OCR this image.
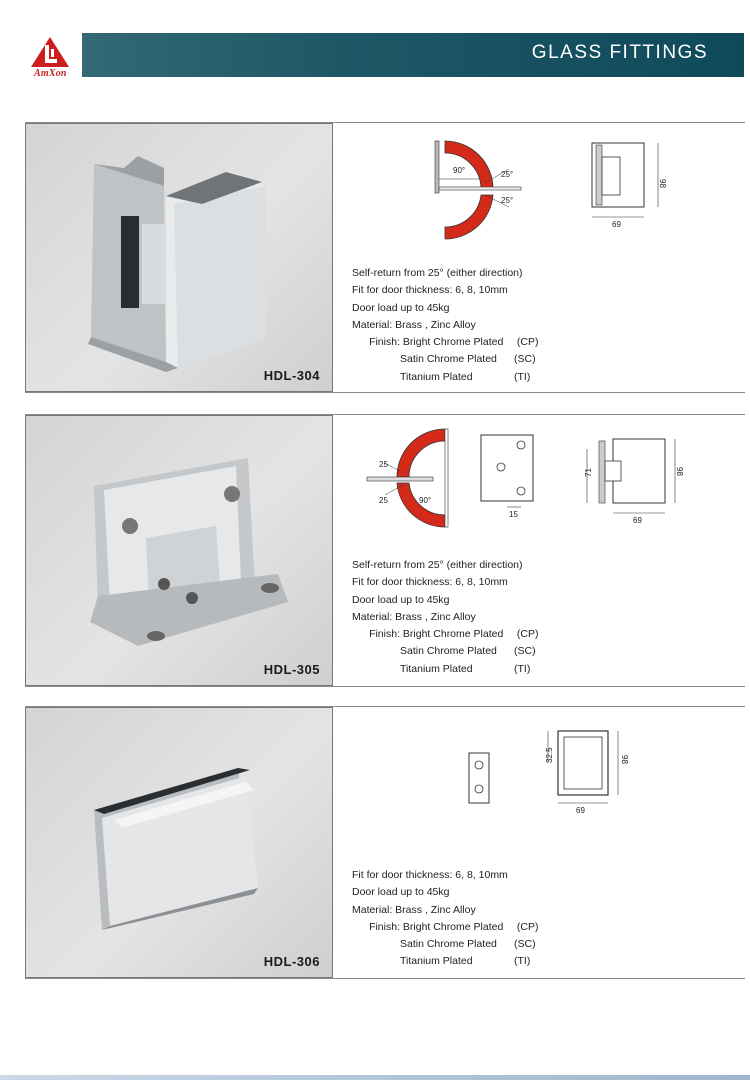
AmXon
GLASS FITTINGS
HDL-304
90°	25°
25°
98
69
Self-return from 25° (either direction)
Fit for door thickness: 6, 8, 10mm
Door load up to 45kg
Material: Brass , Zinc Alloy
Finish: Bright Chrome Plated (CP)
Satin Chrome Plated (SC)
Titanium Plated	(TI)
HDL-305
25
25	90°
15
71	98
69
Self-return from 25° (either direction)
Fit for door thickness: 6, 8, 10mm
Door load up to 45kg
Material: Brass , Zinc Alloy
Finish: Bright Chrome Plated (CP)
Satin Chrome Plated (SC)
Titanium Plated	(TI)
HDL-306
32.5	98
69
Fit for door thickness: 6, 8, 10mm
Door load up to 45kg
Material: Brass , Zinc Alloy
Finish: Bright Chrome Plated (CP)
Satin Chrome Plated (SC)
Titanium Plated	(TI)
